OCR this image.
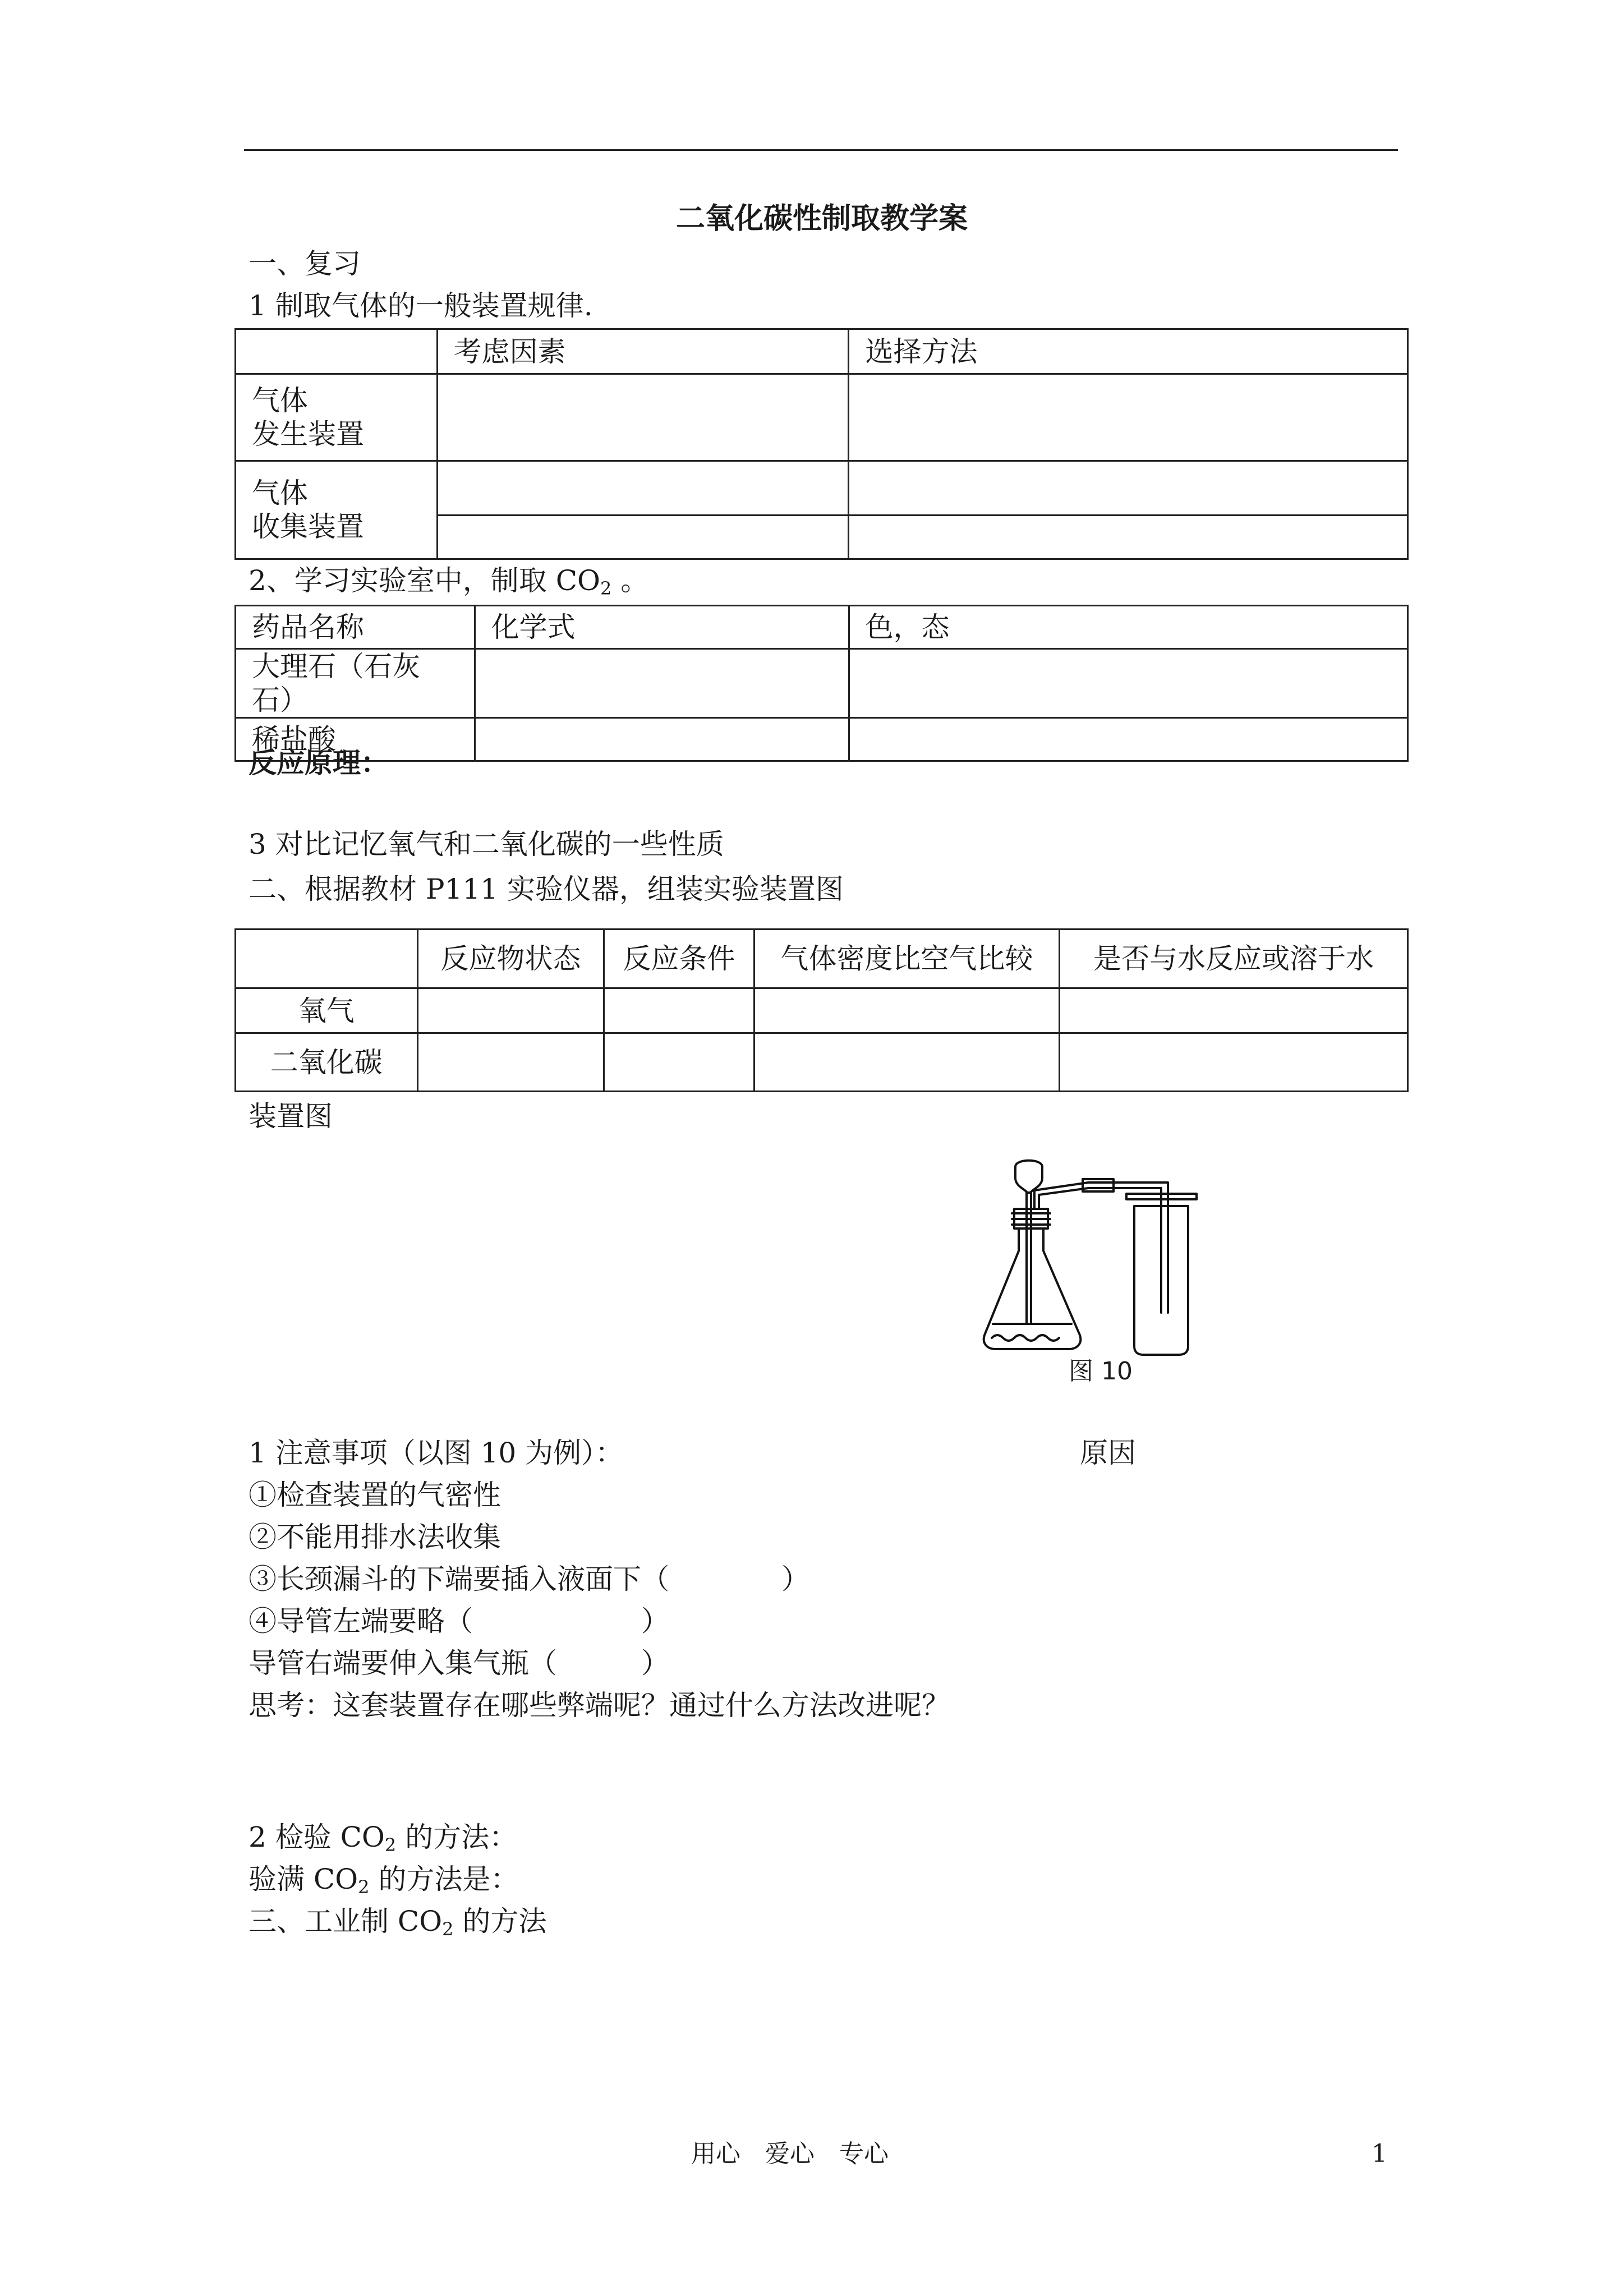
二氧化碳性制取教学案
一、复习
1 制取气体的一般装置规律.
	考虑因素	选择方法

气体
发生装置		

气体
收集装置		

2、学习实验室中，制取 $CO_2$ 。
药品名称	化学式	色，态
大理石（石灰石）		
稀盐酸		
反应原理：
3 对比记忆氧气和二氧化碳的一些性质
二、根据教材 P111 实验仪器，组装实验装置图
	反应物状态	反应条件	气体密度比空气比较	是否与水反应或溶于水
氧气				
二氧化碳				
装置图
图 10
1 注意事项（以图 10 为例）：	原因
①检查装置的气密性
②不能用排水法收集
③长颈漏斗的下端要插入液面下（　　　　）
④导管左端要略（　　　　　　）
导管右端要伸入集气瓶（　　　）
思考：这套装置存在哪些弊端呢？通过什么方法改进呢？
2 检验 $CO_2$ 的方法：
验满 $CO_2$ 的方法是：
三、工业制 $CO_2$ 的方法
用心　爱心　专心	1
